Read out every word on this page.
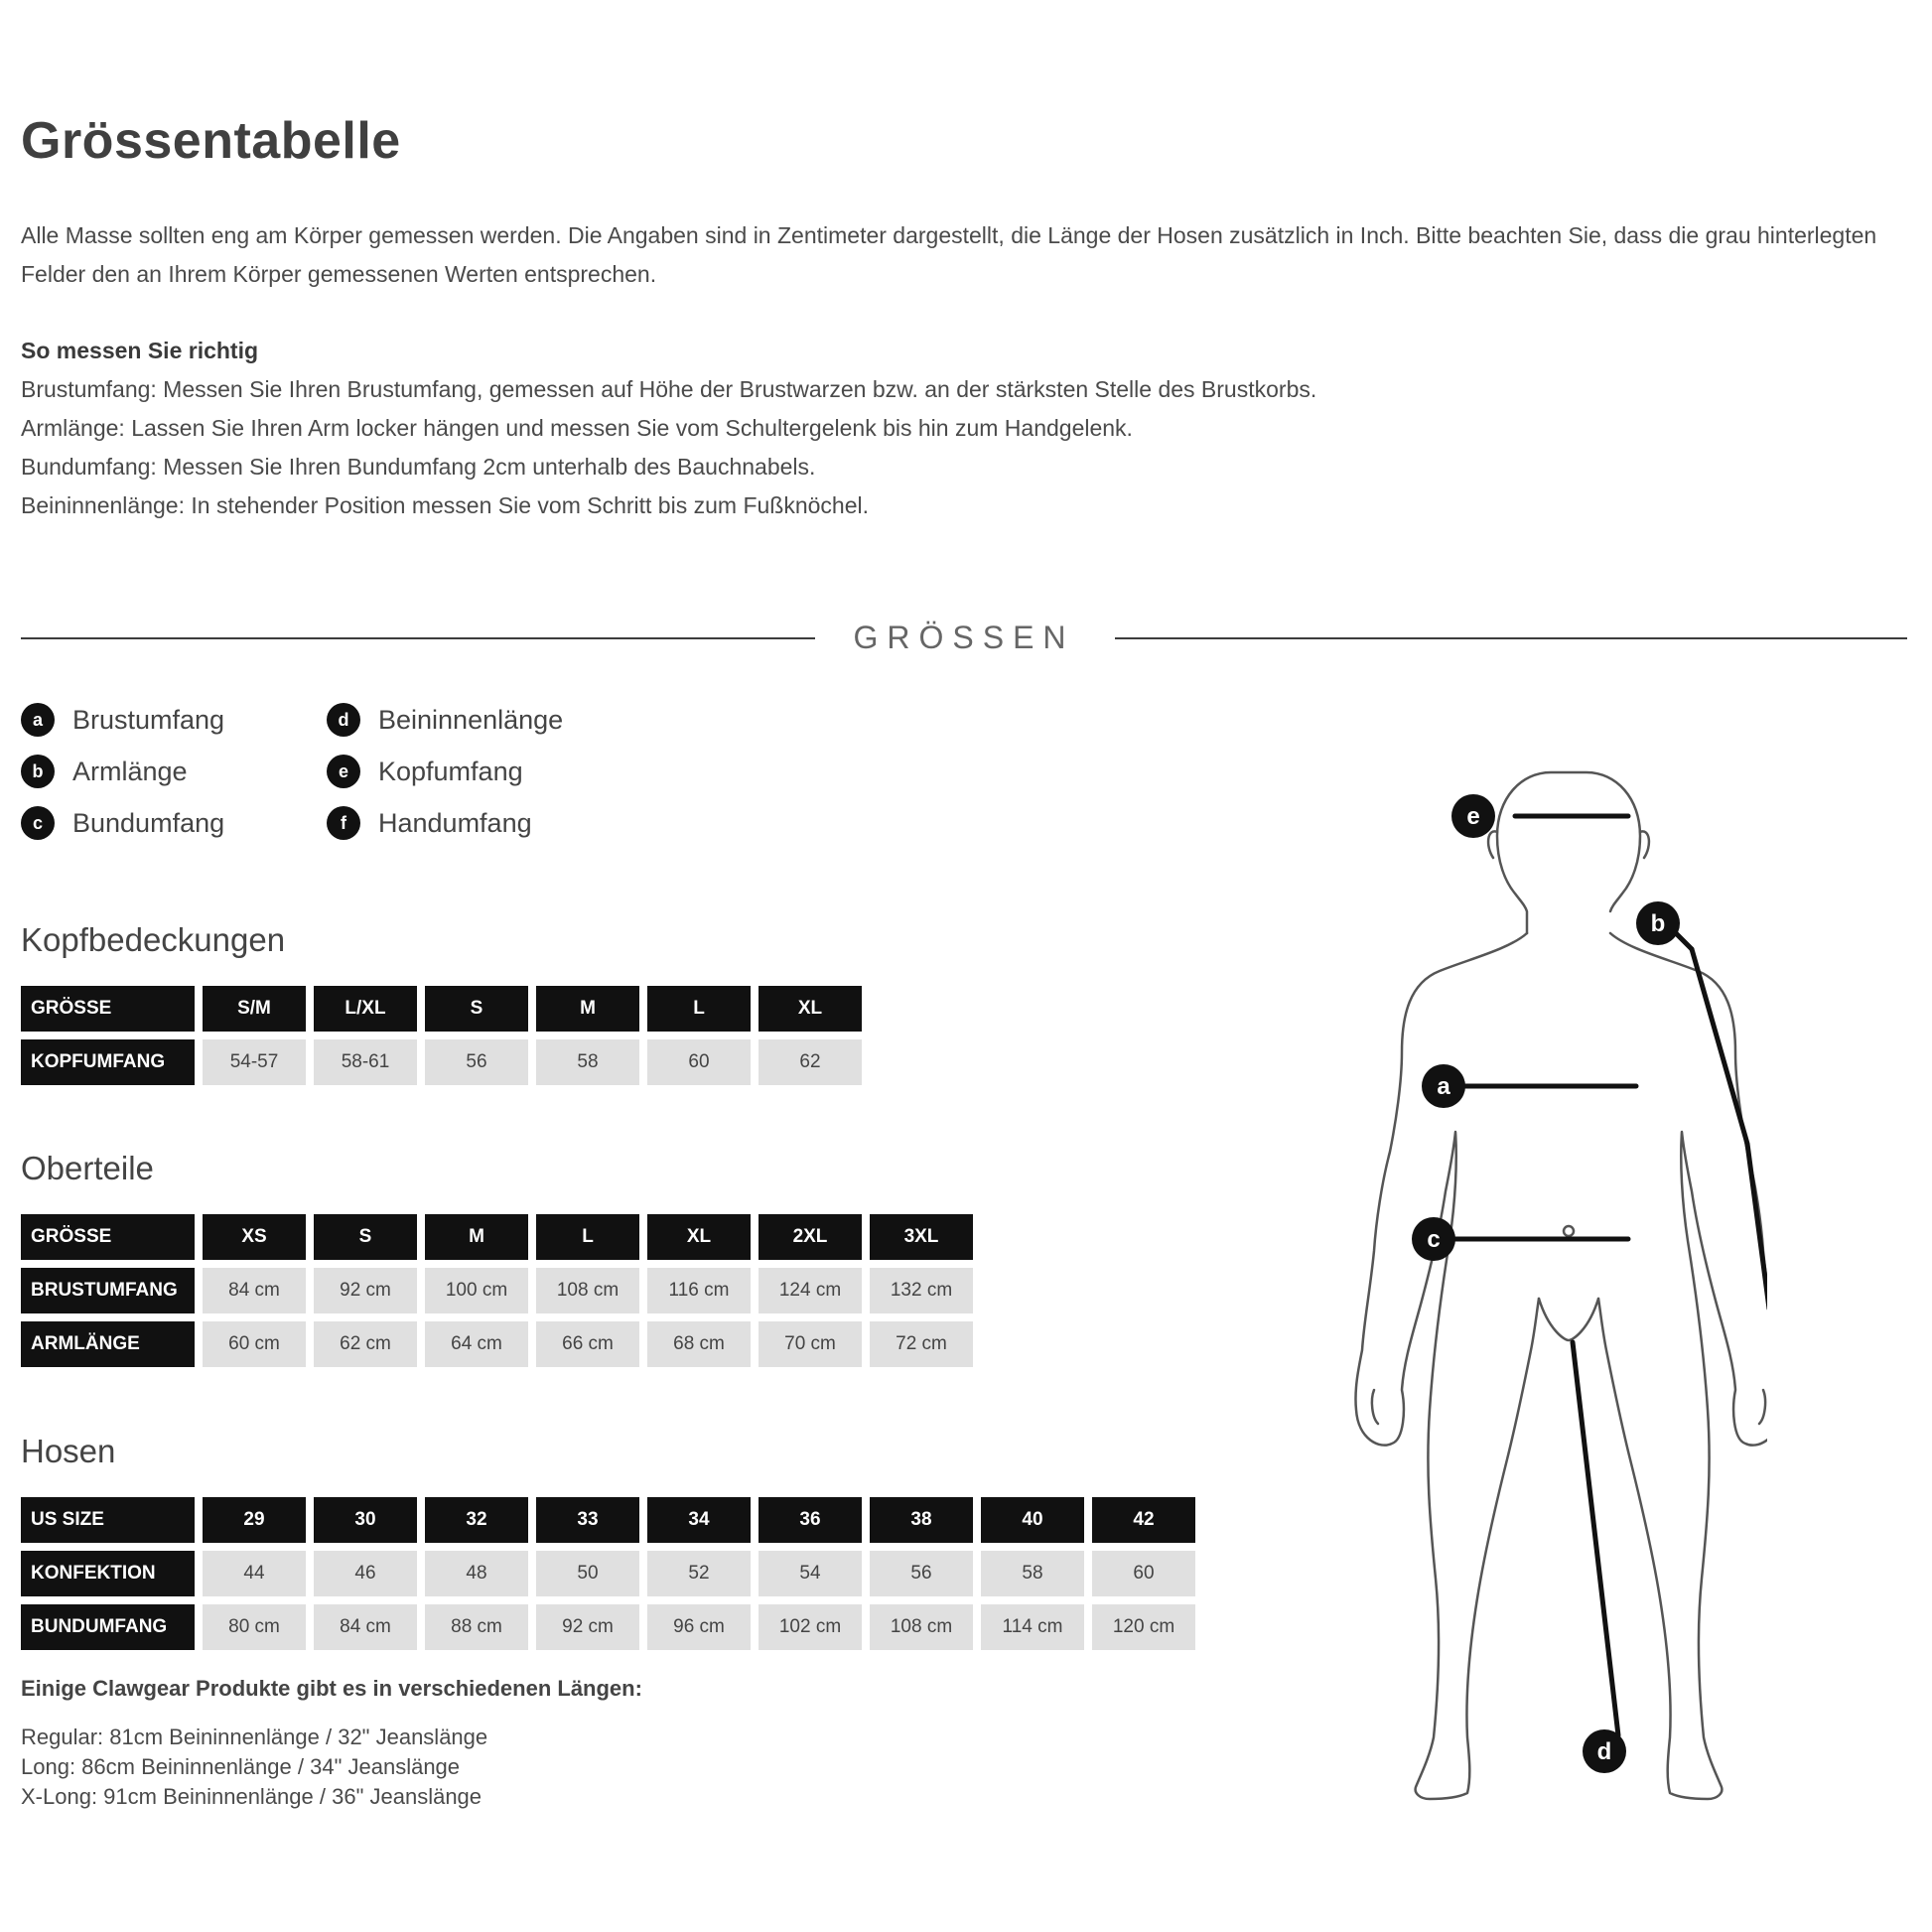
Grössentabelle

Alle Masse sollten eng am Körper gemessen werden. Die Angaben sind in Zentimeter dargestellt, die Länge der Hosen zusätzlich in Inch. Bitte beachten Sie, dass die grau hinterlegten Felder den an Ihrem Körper gemessenen Werten entsprechen.

So messen Sie richtig
Brustumfang: Messen Sie Ihren Brustumfang, gemessen auf Höhe der Brustwarzen bzw. an der stärksten Stelle des Brustkorbs.
Armlänge: Lassen Sie Ihren Arm locker hängen und messen Sie vom Schultergelenk bis hin zum Handgelenk.
Bundumfang: Messen Sie Ihren Bundumfang 2cm unterhalb des Bauchnabels.
Beininnenlänge: In stehender Position messen Sie vom Schritt bis zum Fußknöchel.
GRÖSSEN
a	Brustumfang
b	Armlänge
c	Bundumfang
d	Beininnenlänge
e	Kopfumfang
f	Handumfang
Kopfbedeckungen
GRÖSSE	S/M	L/XL	S	M	L	XL
KOPFUMFANG	54-57	58-61	56	58	60	62
Oberteile
GRÖSSE	XS	S	M	L	XL	2XL	3XL
BRUSTUMFANG	84 cm	92 cm	100 cm	108 cm	116 cm	124 cm	132 cm
ARMLÄNGE	60 cm	62 cm	64 cm	66 cm	68 cm	70 cm	72 cm
Hosen
US SIZE	29	30	32	33	34	36	38	40	42
KONFEKTION	44	46	48	50	52	54	56	58	60
BUNDUMFANG	80 cm	84 cm	88 cm	92 cm	96 cm	102 cm	108 cm	114 cm	120 cm
Einige Clawgear Produkte gibt es in verschiedenen Längen:
Regular: 81cm Beininnenlänge / 32" Jeanslänge
Long: 86cm Beininnenlänge / 34" Jeanslänge
X-Long: 91cm Beininnenlänge / 36" Jeanslänge
e
b
a
c
d
